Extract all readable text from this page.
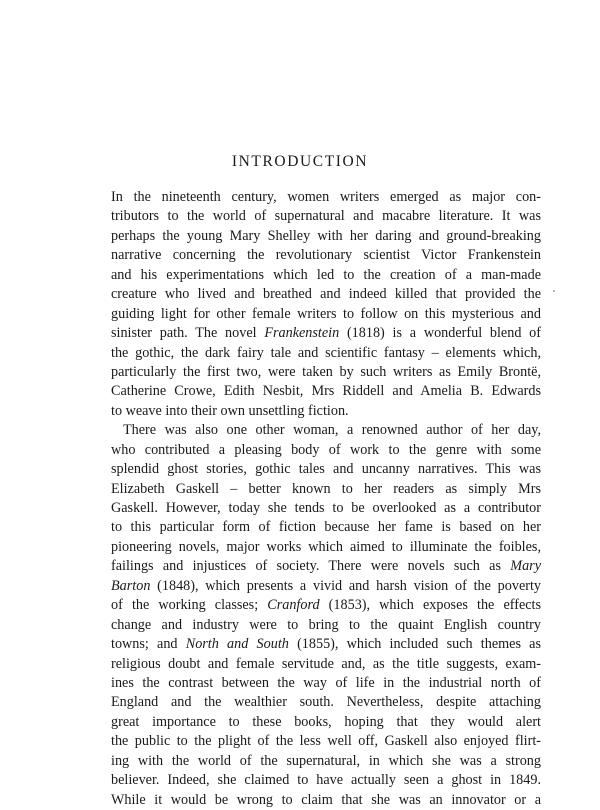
INTRODUCTION
In the nineteenth century, women writers emerged as major con-
tributors to the world of supernatural and macabre literature. It was
perhaps the young Mary Shelley with her daring and ground-breaking
narrative concerning the revolutionary scientist Victor Frankenstein
and his experimentations which led to the creation of a man-made
creature who lived and breathed and indeed killed that provided the
guiding light for other female writers to follow on this mysterious and
sinister path. The novel Frankenstein (1818) is a wonderful blend of
the gothic, the dark fairy tale and scientific fantasy – elements which,
particularly the first two, were taken by such writers as Emily Brontë,
Catherine Crowe, Edith Nesbit, Mrs Riddell and Amelia B. Edwards
to weave into their own unsettling fiction.
There was also one other woman, a renowned author of her day,
who contributed a pleasing body of work to the genre with some
splendid ghost stories, gothic tales and uncanny narratives. This was
Elizabeth Gaskell – better known to her readers as simply Mrs
Gaskell. However, today she tends to be overlooked as a contributor
to this particular form of fiction because her fame is based on her
pioneering novels, major works which aimed to illuminate the foibles,
failings and injustices of society. There were novels such as Mary
Barton (1848), which presents a vivid and harsh vision of the poverty
of the working classes; Cranford (1853), which exposes the effects
change and industry were to bring to the quaint English country
towns; and North and South (1855), which included such themes as
religious doubt and female servitude and, as the title suggests, exam-
ines the contrast between the way of life in the industrial north of
England and the wealthier south. Nevertheless, despite attaching
great importance to these books, hoping that they would alert
the public to the plight of the less well off, Gaskell also enjoyed flirt-
ing with the world of the supernatural, in which she was a strong
believer. Indeed, she claimed to have actually seen a ghost in 1849.
While it would be wrong to claim that she was an innovator or a
